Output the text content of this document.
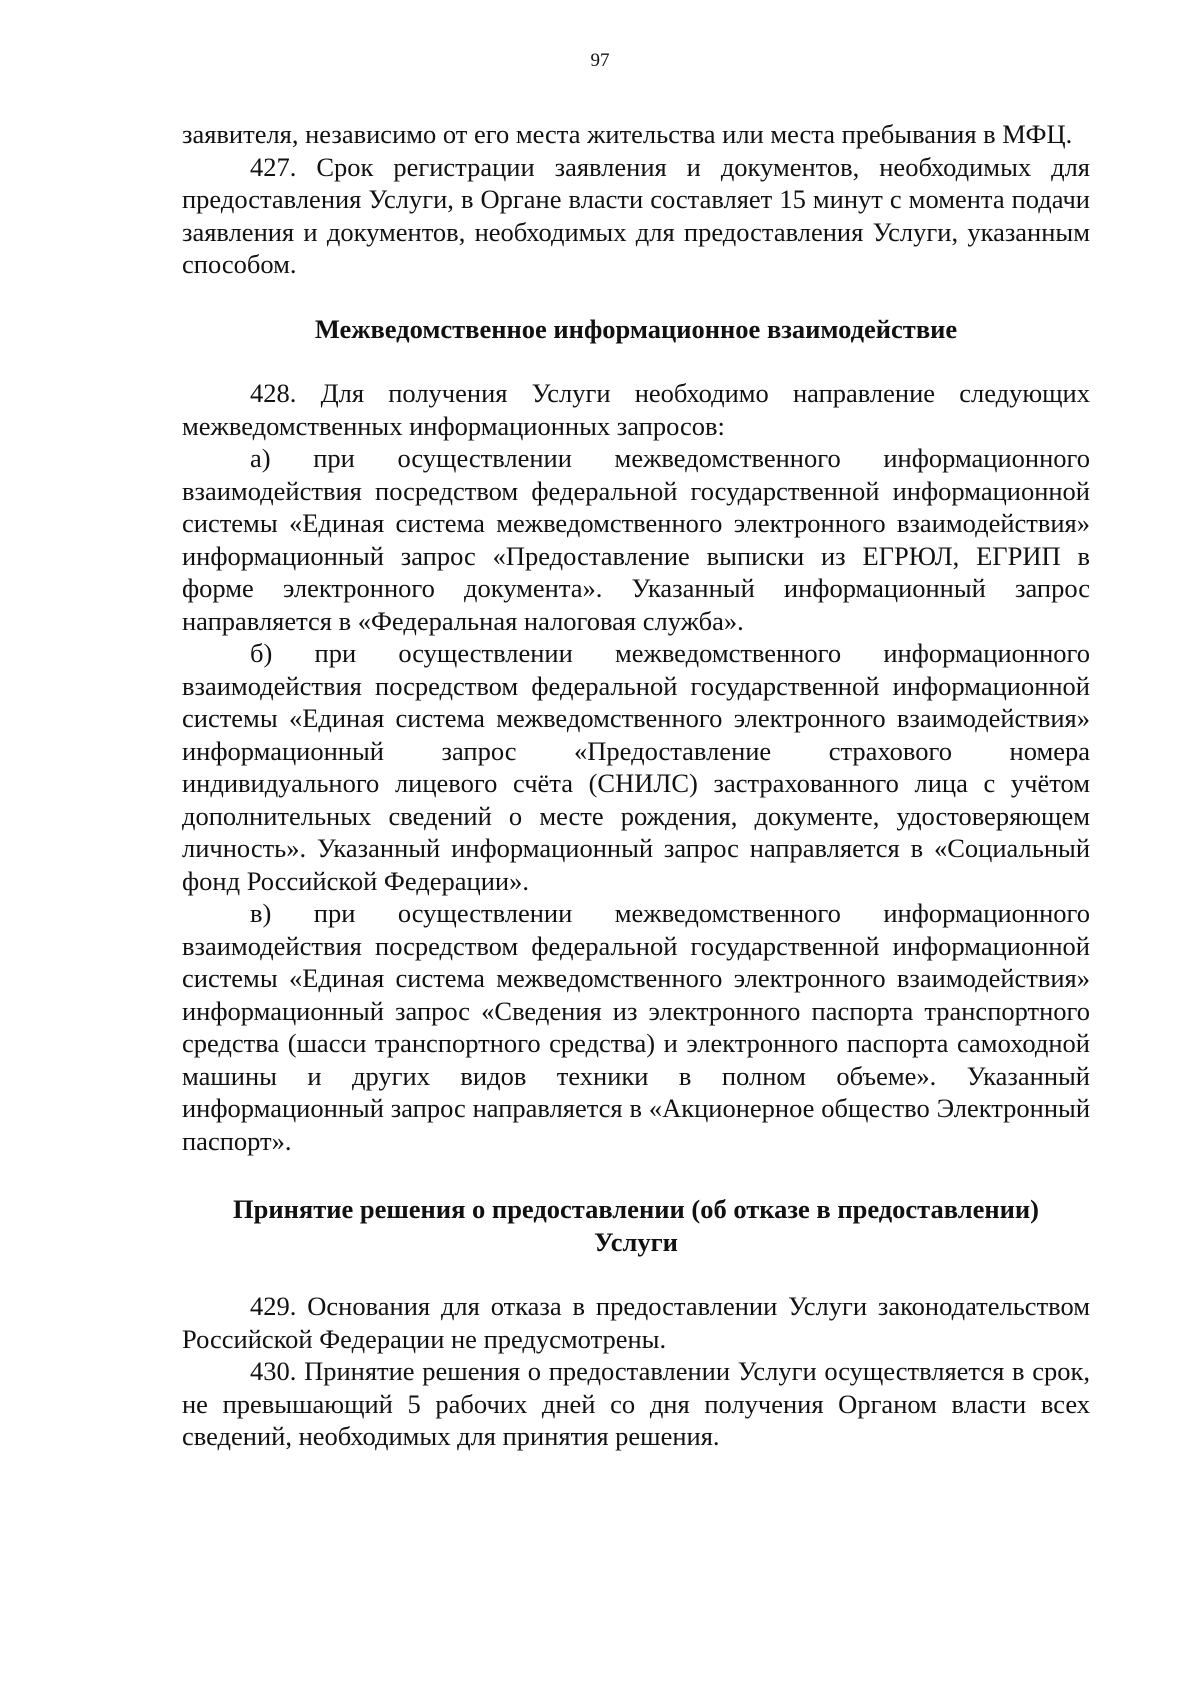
97

заявителя, независимо от его места жительства или места пребывания в МФЦ.

427. Срок регистрации заявления и документов, необходимых для предоставления Услуги, в Органе власти составляет 15 минут с момента подачи заявления и документов, необходимых для предоставления Услуги, указанным способом.

Межведомственное информационное взаимодействие

428. Для получения Услуги необходимо направление следующих межведомственных информационных запросов:

а) при осуществлении межведомственного информационного взаимодействия посредством федеральной государственной информационной системы «Единая система межведомственного электронного взаимодействия» информационный запрос «Предоставление выписки из ЕГРЮЛ, ЕГРИП в форме электронного документа». Указанный информационный запрос направляется в «Федеральная налоговая служба».

б) при осуществлении межведомственного информационного взаимодействия посредством федеральной государственной информационной системы «Единая система межведомственного электронного взаимодействия» информационный запрос «Предоставление страхового номера индивидуального лицевого счёта (СНИЛС) застрахованного лица с учётом дополнительных сведений о месте рождения, документе, удостоверяющем личность». Указанный информационный запрос направляется в «Социальный фонд Российской Федерации».

в) при осуществлении межведомственного информационного взаимодействия посредством федеральной государственной информационной системы «Единая система межведомственного электронного взаимодействия» информационный запрос «Сведения из электронного паспорта транспортного средства (шасси транспортного средства) и электронного паспорта самоходной машины и других видов техники в полном объеме». Указанный информационный запрос направляется в «Акционерное общество Электронный паспорт».

Принятие решения о предоставлении (об отказе в предоставлении)

Услуги

429. Основания для отказа в предоставлении Услуги законодательством Российской Федерации не предусмотрены.

430. Принятие решения о предоставлении Услуги осуществляется в срок, не превышающий 5 рабочих дней со дня получения Органом власти всех сведений, необходимых для принятия решения.
